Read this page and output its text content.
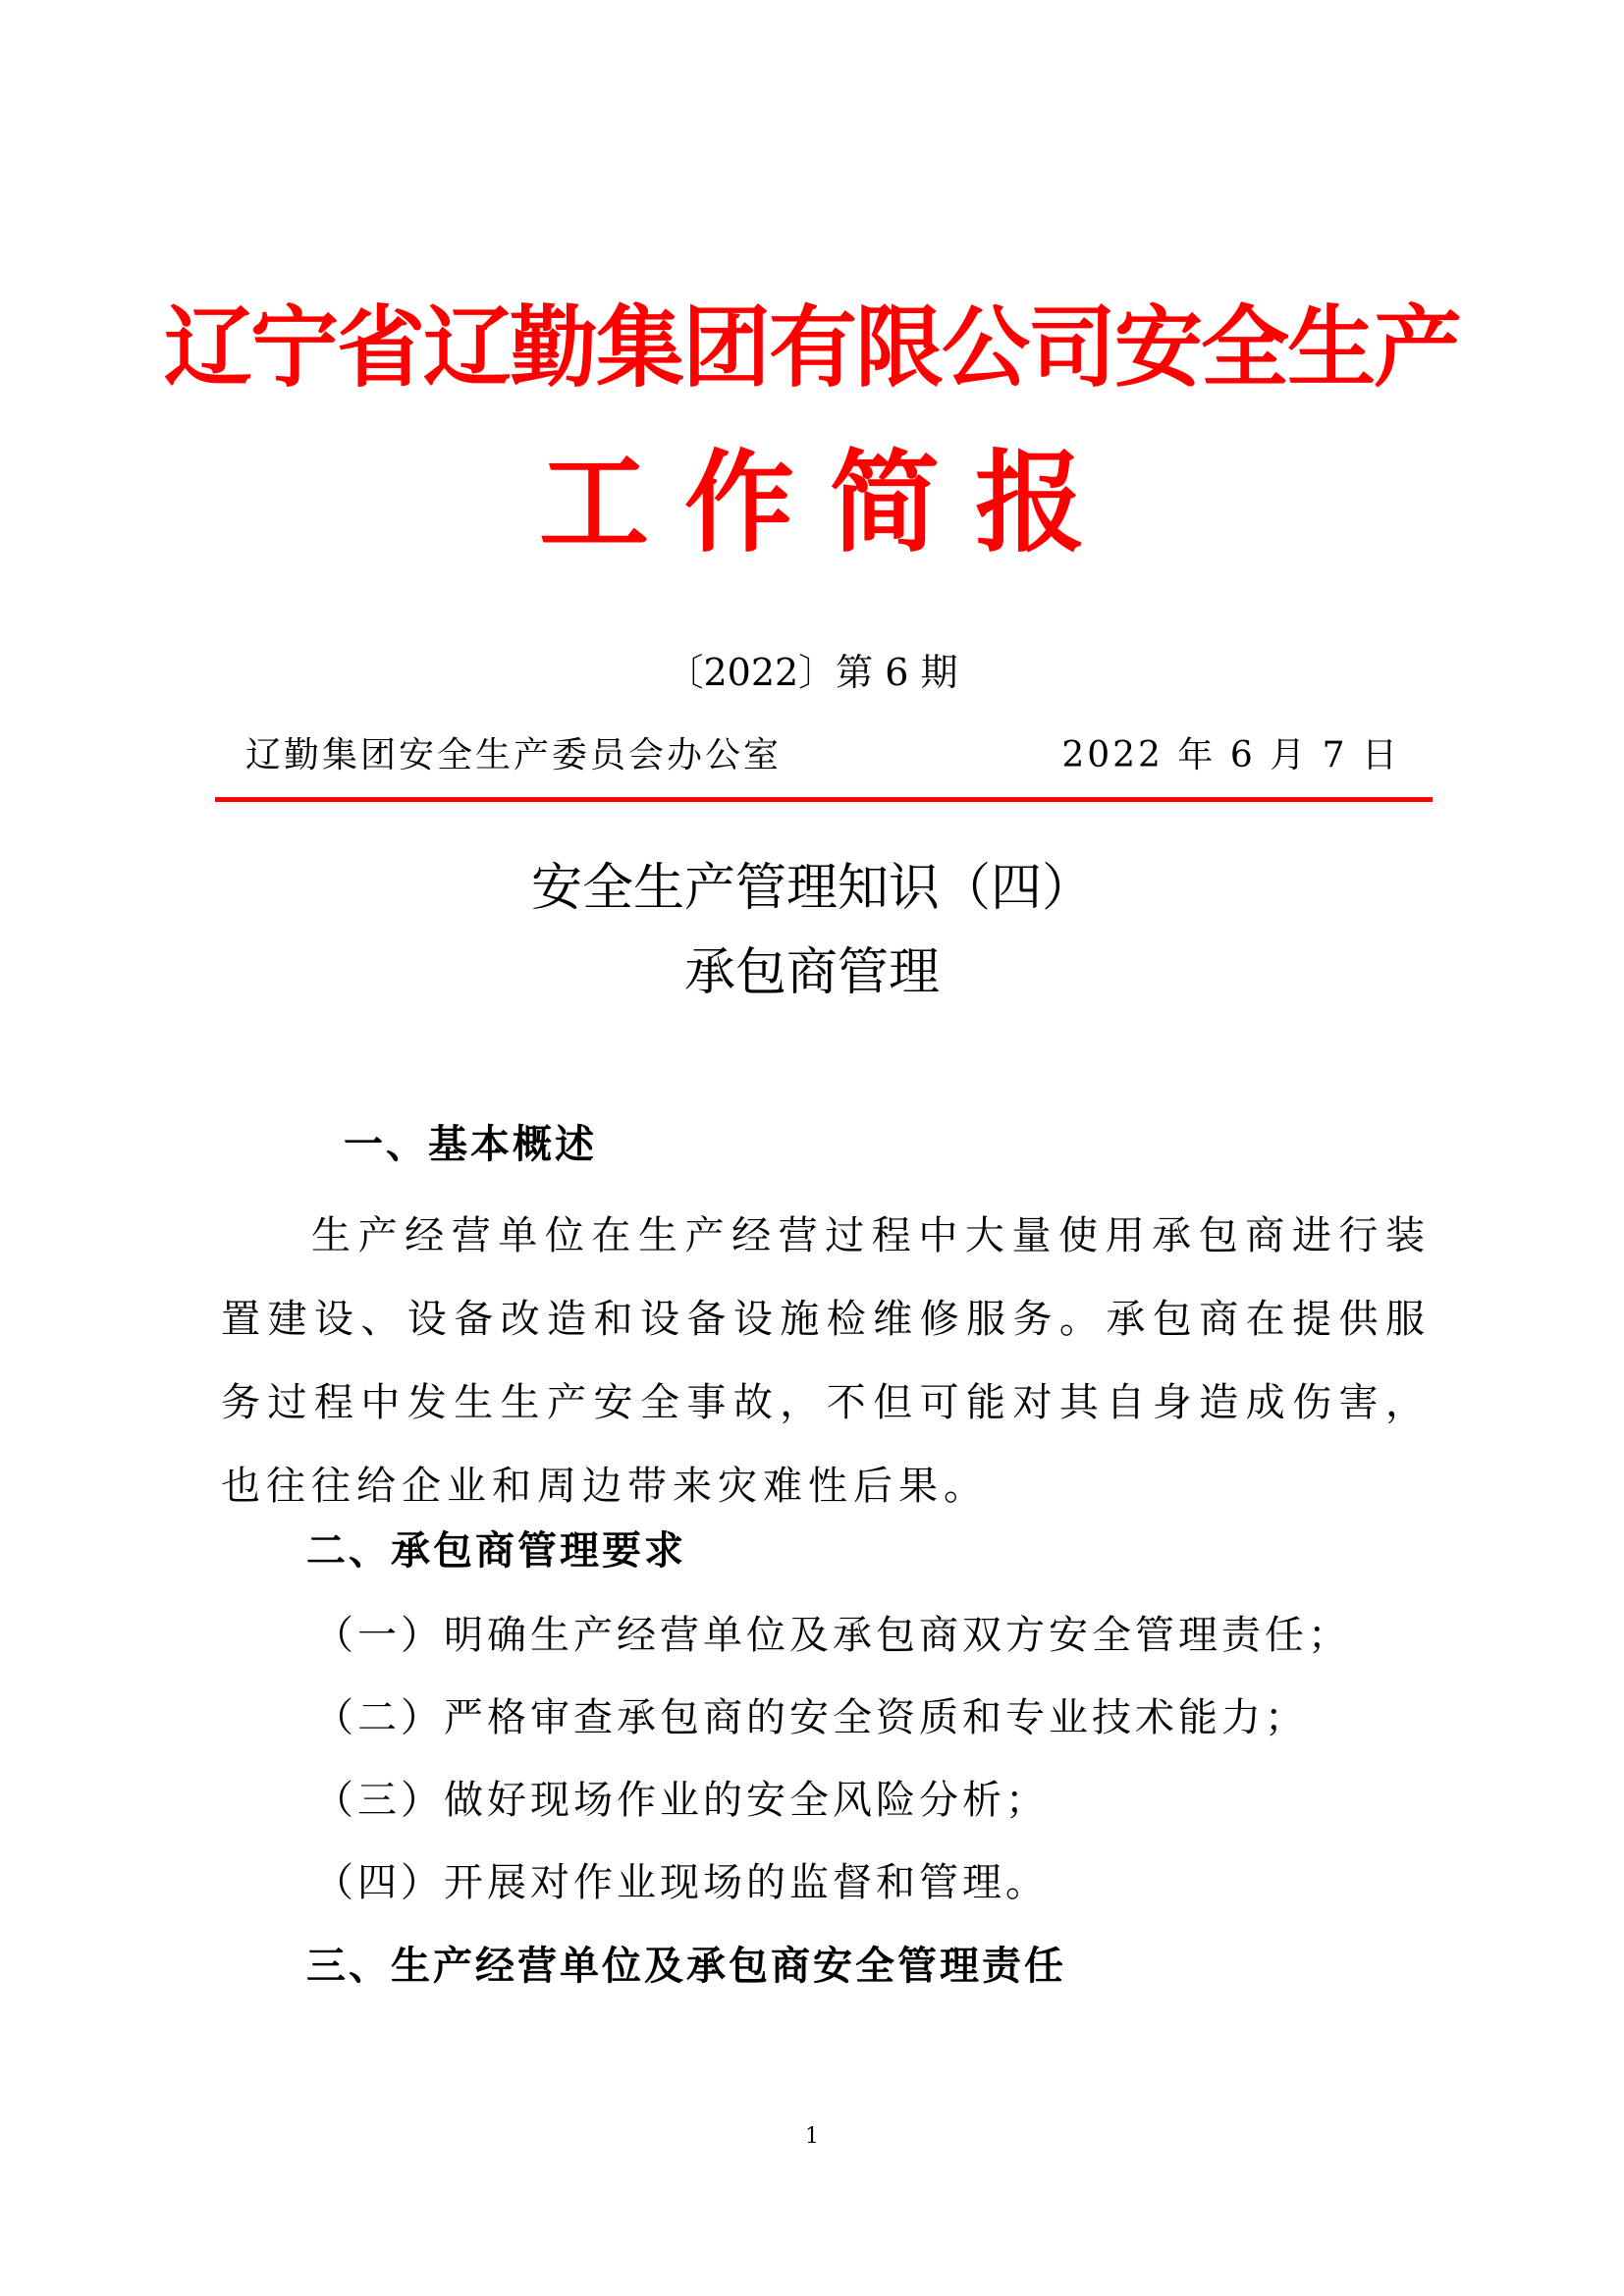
辽宁省辽勤集团有限公司安全生产
工作简报
〔2022〕第 6 期
辽勤集团安全生产委员会办公室	2022 年 6 月 7 日
安全生产管理知识（四）
承包商管理
一、基本概述
生产经营单位在生产经营过程中大量使用承包商进行装置建设、设备改造和设备设施检维修服务。承包商在提供服务过程中发生生产安全事故，不但可能对其自身造成伤害，也往往给企业和周边带来灾难性后果。
二、承包商管理要求
（一）明确生产经营单位及承包商双方安全管理责任；
（二）严格审查承包商的安全资质和专业技术能力；
（三）做好现场作业的安全风险分析；
（四）开展对作业现场的监督和管理。
三、生产经营单位及承包商安全管理责任
1
